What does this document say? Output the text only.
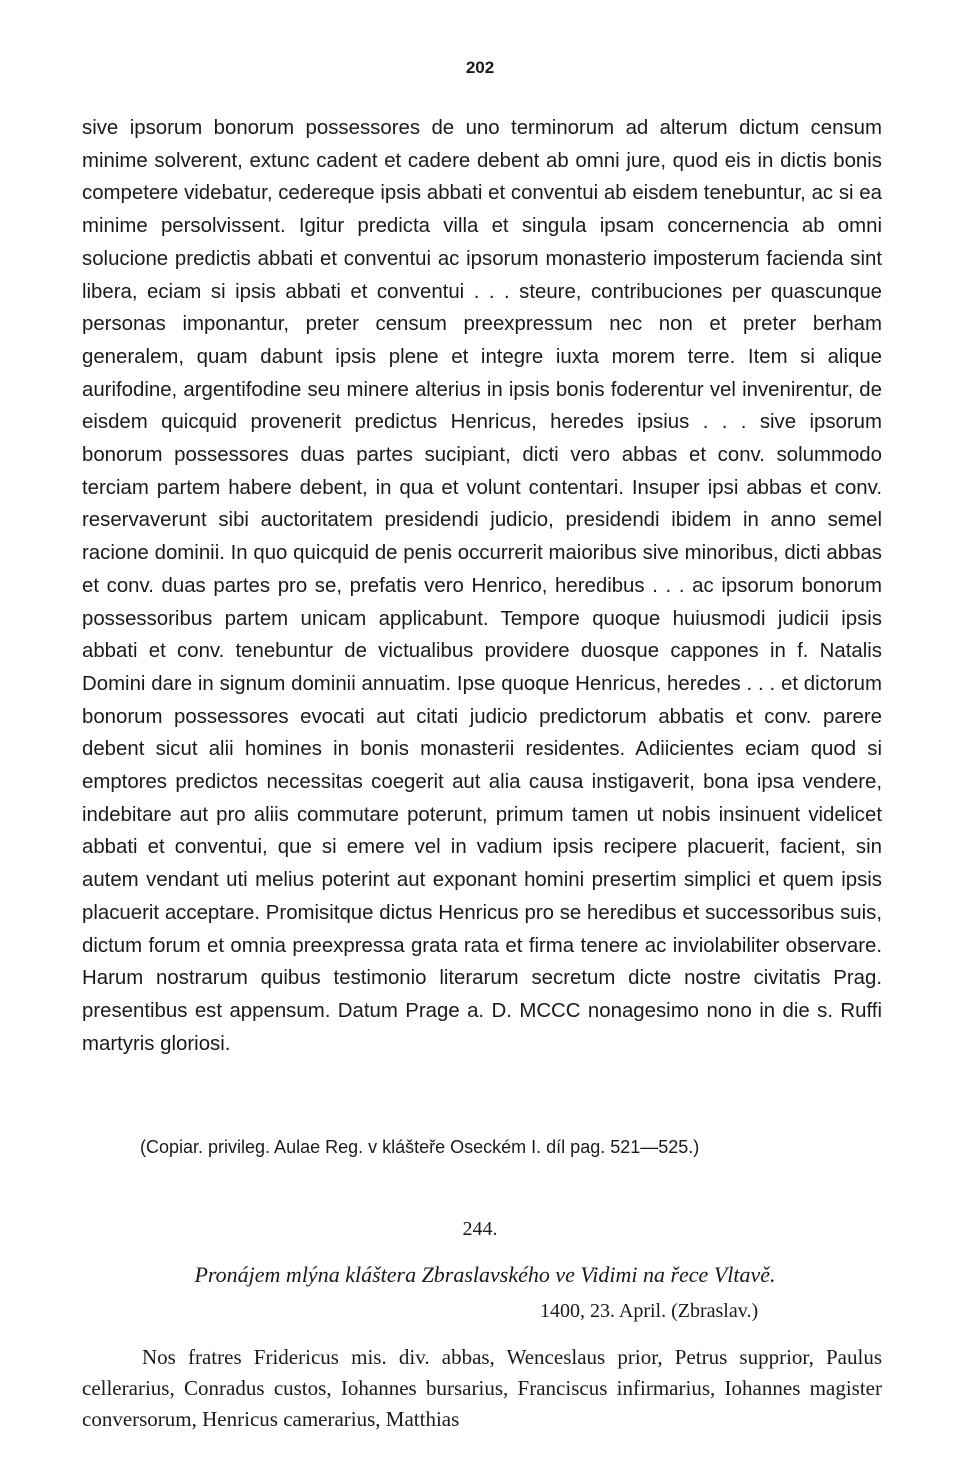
202

sive ipsorum bonorum possessores de uno terminorum ad alterum dictum censum minime solverent, extunc cadent et cadere debent ab omni jure, quod eis in dictis bonis competere videbatur, cedereque ipsis abbati et conventui ab eisdem tenebuntur, ac si ea minime persolvissent. Igitur predicta villa et singula ipsam concernencia ab omni solucione predictis abbati et conventui ac ipsorum monasterio imposterum facienda sint libera, eciam si ipsis abbati et conventui . . . steure, contribuciones per quascunque personas imponantur, preter censum preexpressum nec non et preter berham generalem, quam dabunt ipsis plene et integre iuxta morem terre. Item si alique aurifodine, argentifodine seu minere alterius in ipsis bonis foderentur vel invenirentur, de eisdem quicquid provenerit predictus Henricus, heredes ipsius . . . sive ipsorum bonorum possessores duas partes sucipiant, dicti vero abbas et conv. solummodo terciam partem habere debent, in qua et volunt contentari. Insuper ipsi abbas et conv. reservaverunt sibi auctoritatem presidendi judicio, presidendi ibidem in anno semel racione dominii. In quo quicquid de penis occurrerit maioribus sive minoribus, dicti abbas et conv. duas partes pro se, prefatis vero Henrico, heredibus . . . ac ipsorum bonorum possessoribus partem unicam applicabunt. Tempore quoque huiusmodi judicii ipsis abbati et conv. tenebuntur de victualibus providere duosque cappones in f. Natalis Domini dare in signum dominii annuatim. Ipse quoque Henricus, heredes . . . et dictorum bonorum possessores evocati aut citati judicio predictorum abbatis et conv. parere debent sicut alii homines in bonis monasterii residentes. Adiicientes eciam quod si emptores predictos necessitas coegerit aut alia causa instigaverit, bona ipsa vendere, indebitare aut pro aliis commutare poterunt, primum tamen ut nobis insinuent videlicet abbati et conventui, que si emere vel in vadium ipsis recipere placuerit, facient, sin autem vendant uti melius poterint aut exponant homini presertim simplici et quem ipsis placuerit acceptare. Promisitque dictus Henricus pro se heredibus et successoribus suis, dictum forum et omnia preexpressa grata rata et firma tenere ac inviolabiliter observare. Harum nostrarum quibus testimonio literarum secretum dicte nostre civitatis Prag. presentibus est appensum. Datum Prage a. D. MCCC nonagesimo nono in die s. Ruffi martyris gloriosi.

(Copiar. privileg. Aulae Reg. v klášteře Oseckém I. díl pag. 521—525.)

244.

Pronájem mlýna kláštera Zbraslavského ve Vidimi na řece Vltavě.

1400, 23. April. (Zbraslav.)

Nos fratres Fridericus mis. div. abbas, Wenceslaus prior, Petrus supprior, Paulus cellerarius, Conradus custos, Iohannes bursarius, Franciscus infirmarius, Iohannes magister conversorum, Henricus camerarius, Matthias
